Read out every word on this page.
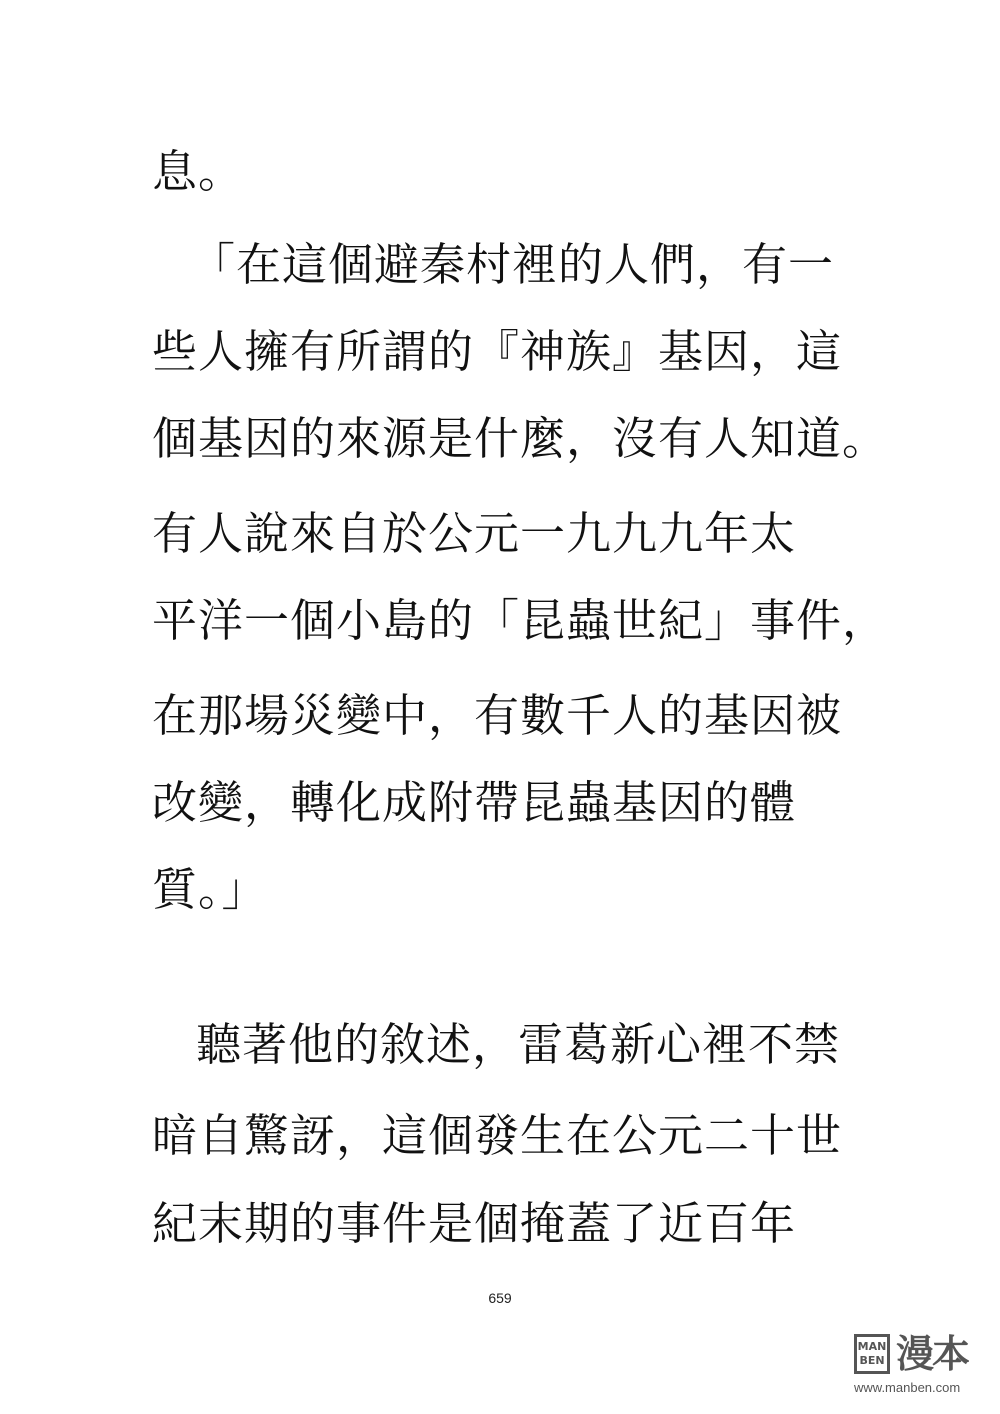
息。
「在這個避秦村裡的人們，有一
些人擁有所謂的『神族』基因，這
個基因的來源是什麼，沒有人知道。
有人說來自於公元一九九九年太
平洋一個小島的「昆蟲世紀」事件，
在那場災變中，有數千人的基因被
改變，轉化成附帶昆蟲基因的體
質。」
聽著他的敘述，雷葛新心裡不禁
暗自驚訝，這個發生在公元二十世
紀末期的事件是個掩蓋了近百年
659
MAN
BEN 漫本
www.manben.com
